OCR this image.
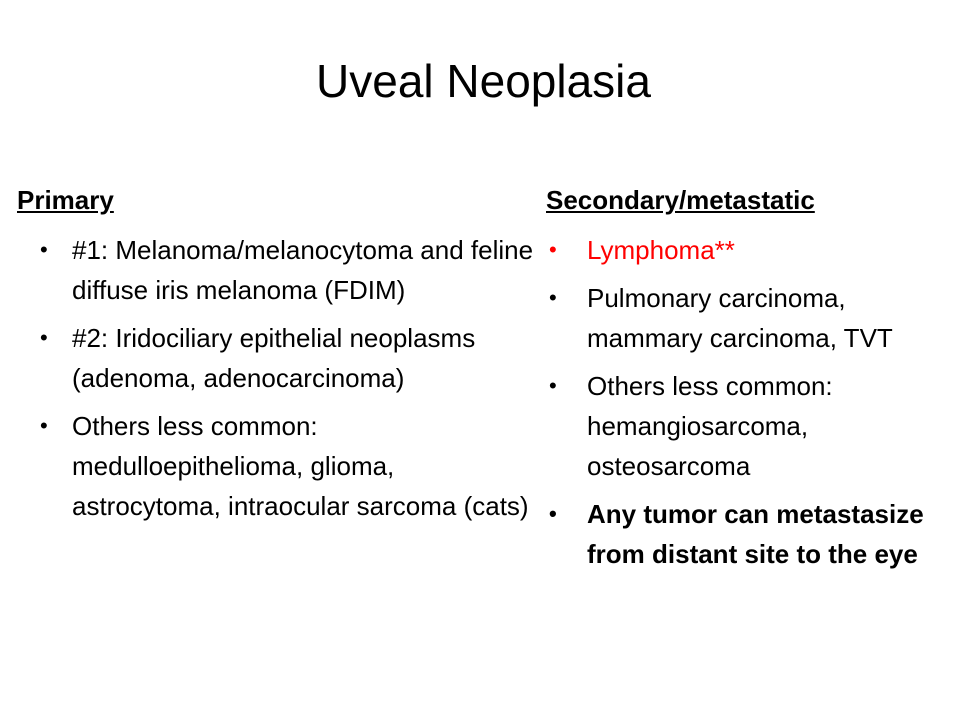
Uveal Neoplasia
Primary
• #1: Melanoma/melanocytoma and feline diffuse iris melanoma (FDIM)
• #2: Iridociliary epithelial neoplasms (adenoma, adenocarcinoma)
• Others less common: medulloepithelioma, glioma, astrocytoma, intraocular sarcoma (cats)
Secondary/metastatic
• Lymphoma**
• Pulmonary carcinoma, mammary carcinoma, TVT
• Others less common: hemangiosarcoma, osteosarcoma
• Any tumor can metastasize from distant site to the eye
